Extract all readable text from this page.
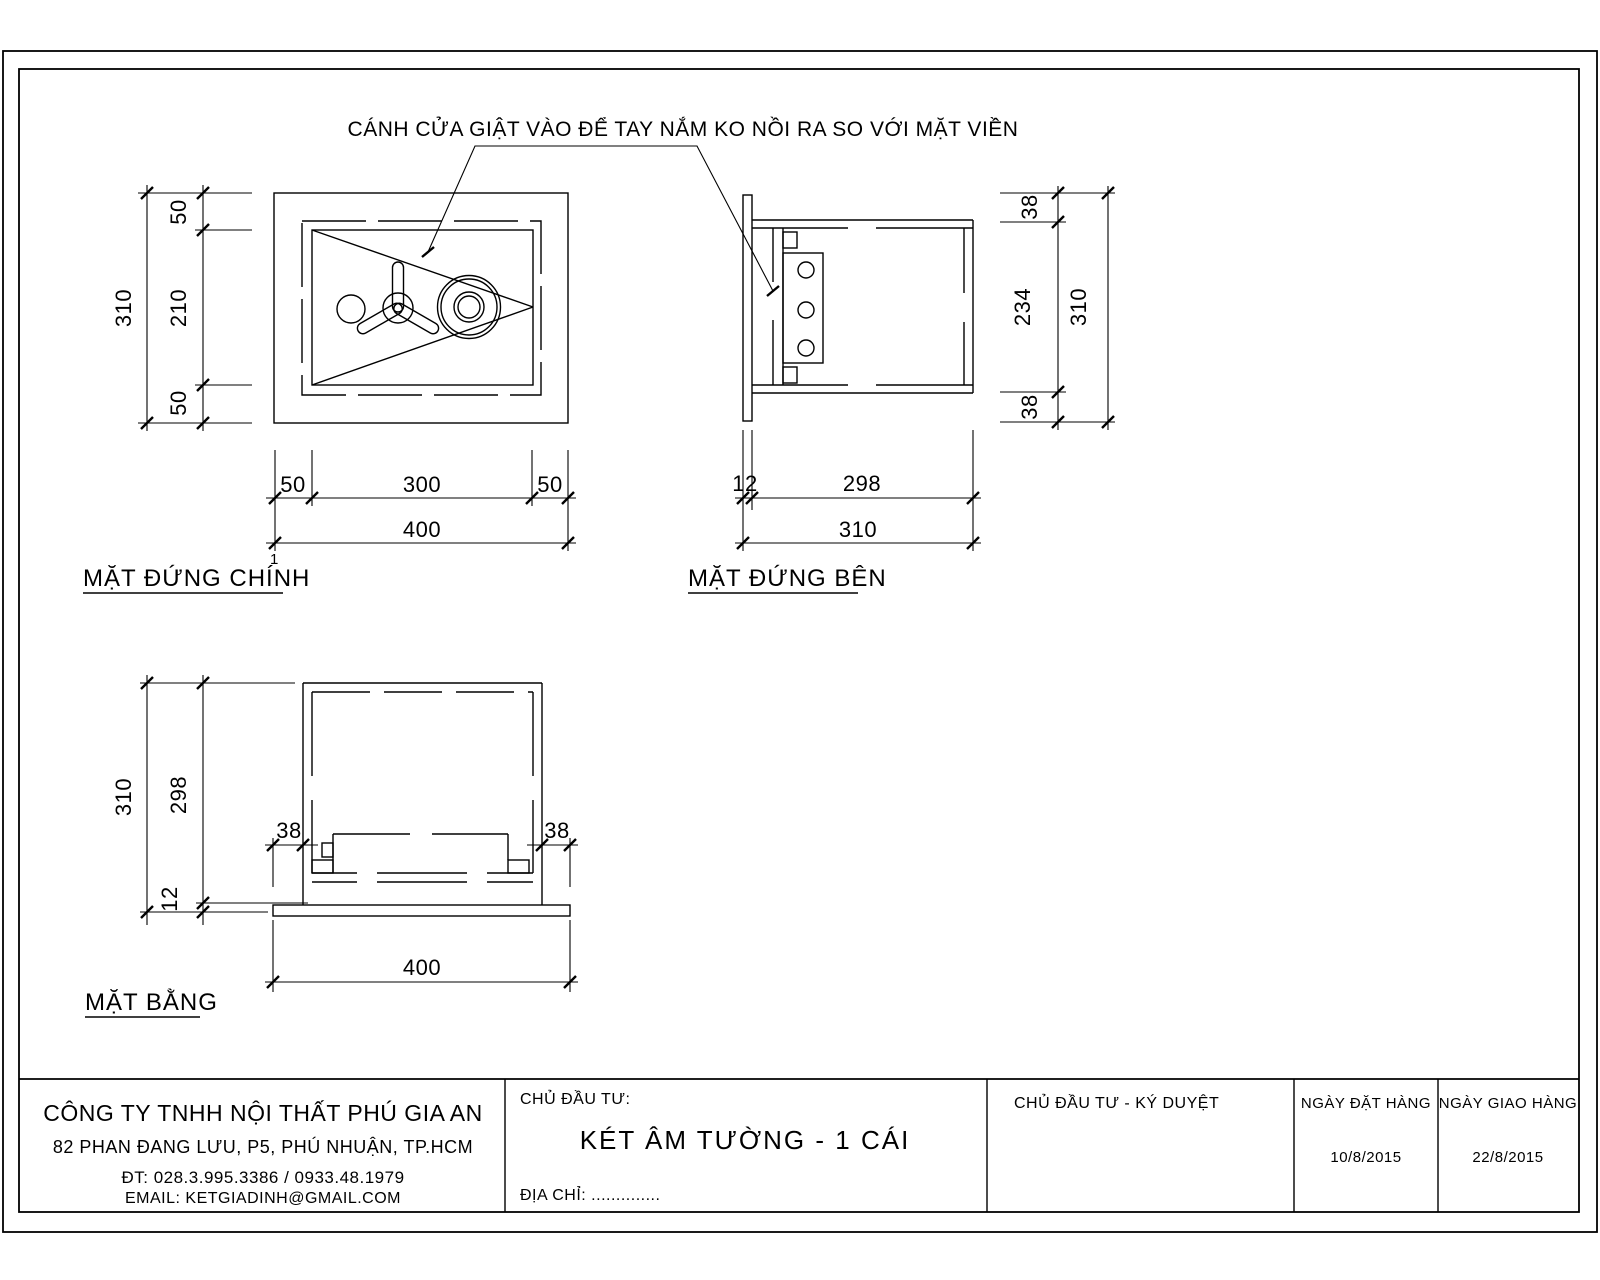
CÁNH CỬA GIẬT VÀO ĐỂ TAY NẮM KO NỒI RA SO VỚI MẶT VIỀN
310
50
210
50
50	300	50
400
MẶT ĐỨNG CHÍNH
1
38
234
38
310
12	298
310
MẶT ĐỨNG BÊN
310 298
12
38	38
400
MẶT BẰNG
CÔNG TY TNHH NỘI THẤT PHÚ GIA AN
82 PHAN ĐANG LƯU, P5, PHÚ NHUẬN, TP.HCM
ĐT: 028.3.995.3386 / 0933.48.1979
EMAIL: KETGIADINH@GMAIL.COM
CHỦ ĐẦU TƯ:
KÉT ÂM TƯỜNG - 1 CÁI
ĐỊA CHỈ: ..............
CHỦ ĐẦU TƯ - KÝ DUYỆT	NGÀY ĐẶT HÀNG
10/8/2015
NGÀY GIAO HÀNG
22/8/2015
